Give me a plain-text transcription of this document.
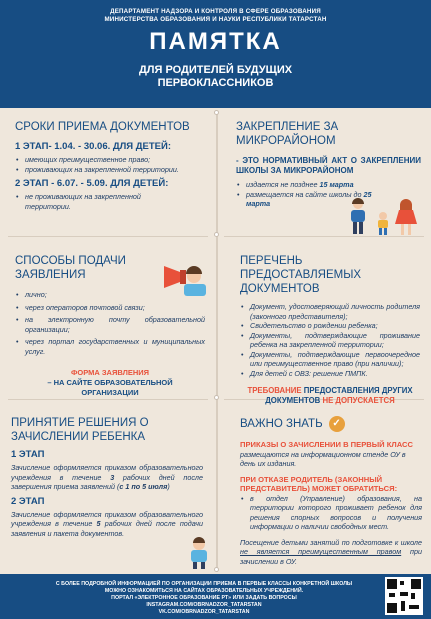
ДЕПАРТАМЕНТ НАДЗОРА И КОНТРОЛЯ В СФЕРЕ ОБРАЗОВАНИЯ
МИНИСТЕРСТВА ОБРАЗОВАНИЯ И НАУКИ РЕСПУБЛИКИ ТАТАРСТАН
ПАМЯТКА
ДЛЯ РОДИТЕЛЕЙ БУДУЩИХ
ПЕРВОКЛАССНИКОВ
СРОКИ ПРИЕМА ДОКУМЕНТОВ
1 ЭТАП- 1.04. - 30.06. ДЛЯ ДЕТЕЙ:
• имеющих преимущественное право;
• проживающих на закрепленной территории.
2 ЭТАП - 6.07. - 5.09. ДЛЯ ДЕТЕЙ:
• не проживающих на закрепленной территории.
ЗАКРЕПЛЕНИЕ ЗА МИКРОРАЙОНОМ
- ЭТО НОРМАТИВНЫЙ АКТ О ЗАКРЕПЛЕНИИ ШКОЛЫ ЗА МИКРОРАЙОНОМ
• издается не позднее 15 марта
• размещается на сайте школы до 25 марта
СПОСОБЫ ПОДАЧИ
ЗАЯВЛЕНИЯ
• лично;
• через операторов почтовой связи;
• на электронную почту образовательной организации;
• через портал государственных и муниципальных услуг.
ФОРМА ЗАЯВЛЕНИЯ
– НА САЙТЕ ОБРАЗОВАТЕЛЬНОЙ ОРГАНИЗАЦИИ
ПЕРЕЧЕНЬ ПРЕДОСТАВЛЯЕМЫХ
ДОКУМЕНТОВ
• Документ, удостоверяющий личность родителя (законного представителя);
• Свидетельство о рождении ребенка;
• Документы, подтверждающие проживание ребенка на закрепленной территории;
• Документы, подтверждающие первоочередное или преимущественное право (при наличии);
• Для детей с ОВЗ: решение ПМПК.
ТРЕБОВАНИЕ ПРЕДОСТАВЛЕНИЯ ДРУГИХ ДОКУМЕНТОВ НЕ ДОПУСКАЕТСЯ
ПРИНЯТИЕ РЕШЕНИЯ О
ЗАЧИСЛЕНИИ РЕБЕНКА
1 ЭТАП
Зачисление оформляется приказом образовательного учреждения в течение 3 рабочих дней после завершения приема заявлений (с 1 по 5 июля)
2 ЭТАП
Зачисление оформляется приказом образовательного учреждения в течение 5 рабочих дней после подачи заявления и пакета документов.
ВАЖНО ЗНАТЬ ✓
ПРИКАЗЫ О ЗАЧИСЛЕНИИ В ПЕРВЫЙ КЛАСС
размещаются на информационном стенде ОУ в день их издания.
ПРИ ОТКАЗЕ РОДИТЕЛЬ (ЗАКОННЫЙ ПРЕДСТАВИТЕЛЬ) МОЖЕТ ОБРАТИТЬСЯ:
• в отдел (Управление) образования, на территории которого проживает ребенок для решения спорных вопросов и получения информации о наличии свободных мест.
Посещение детьми занятий по подготовке к школе не является преимущественным правом при зачислении в ОУ.
С БОЛЕЕ ПОДРОБНОЙ ИНФОРМАЦИЕЙ ПО ОРГАНИЗАЦИИ ПРИЕМА В ПЕРВЫЕ КЛАССЫ КОНКРЕТНОЙ ШКОЛЫ
МОЖНО ОЗНАКОМИТЬСЯ НА САЙТАХ ОБРАЗОВАТЕЛЬНЫХ УЧРЕЖДЕНИЙ.
ПОРТАЛ «ЭЛЕКТРОННОЕ ОБРАЗОВАНИЕ РТ» ИЛИ ЗАДАТЬ ВОПРОСЫ
INSTAGRAM.COM/OBRNADZOR_TATARSTAN
VK.COM/OBRNADZOR_TATARSTAN
